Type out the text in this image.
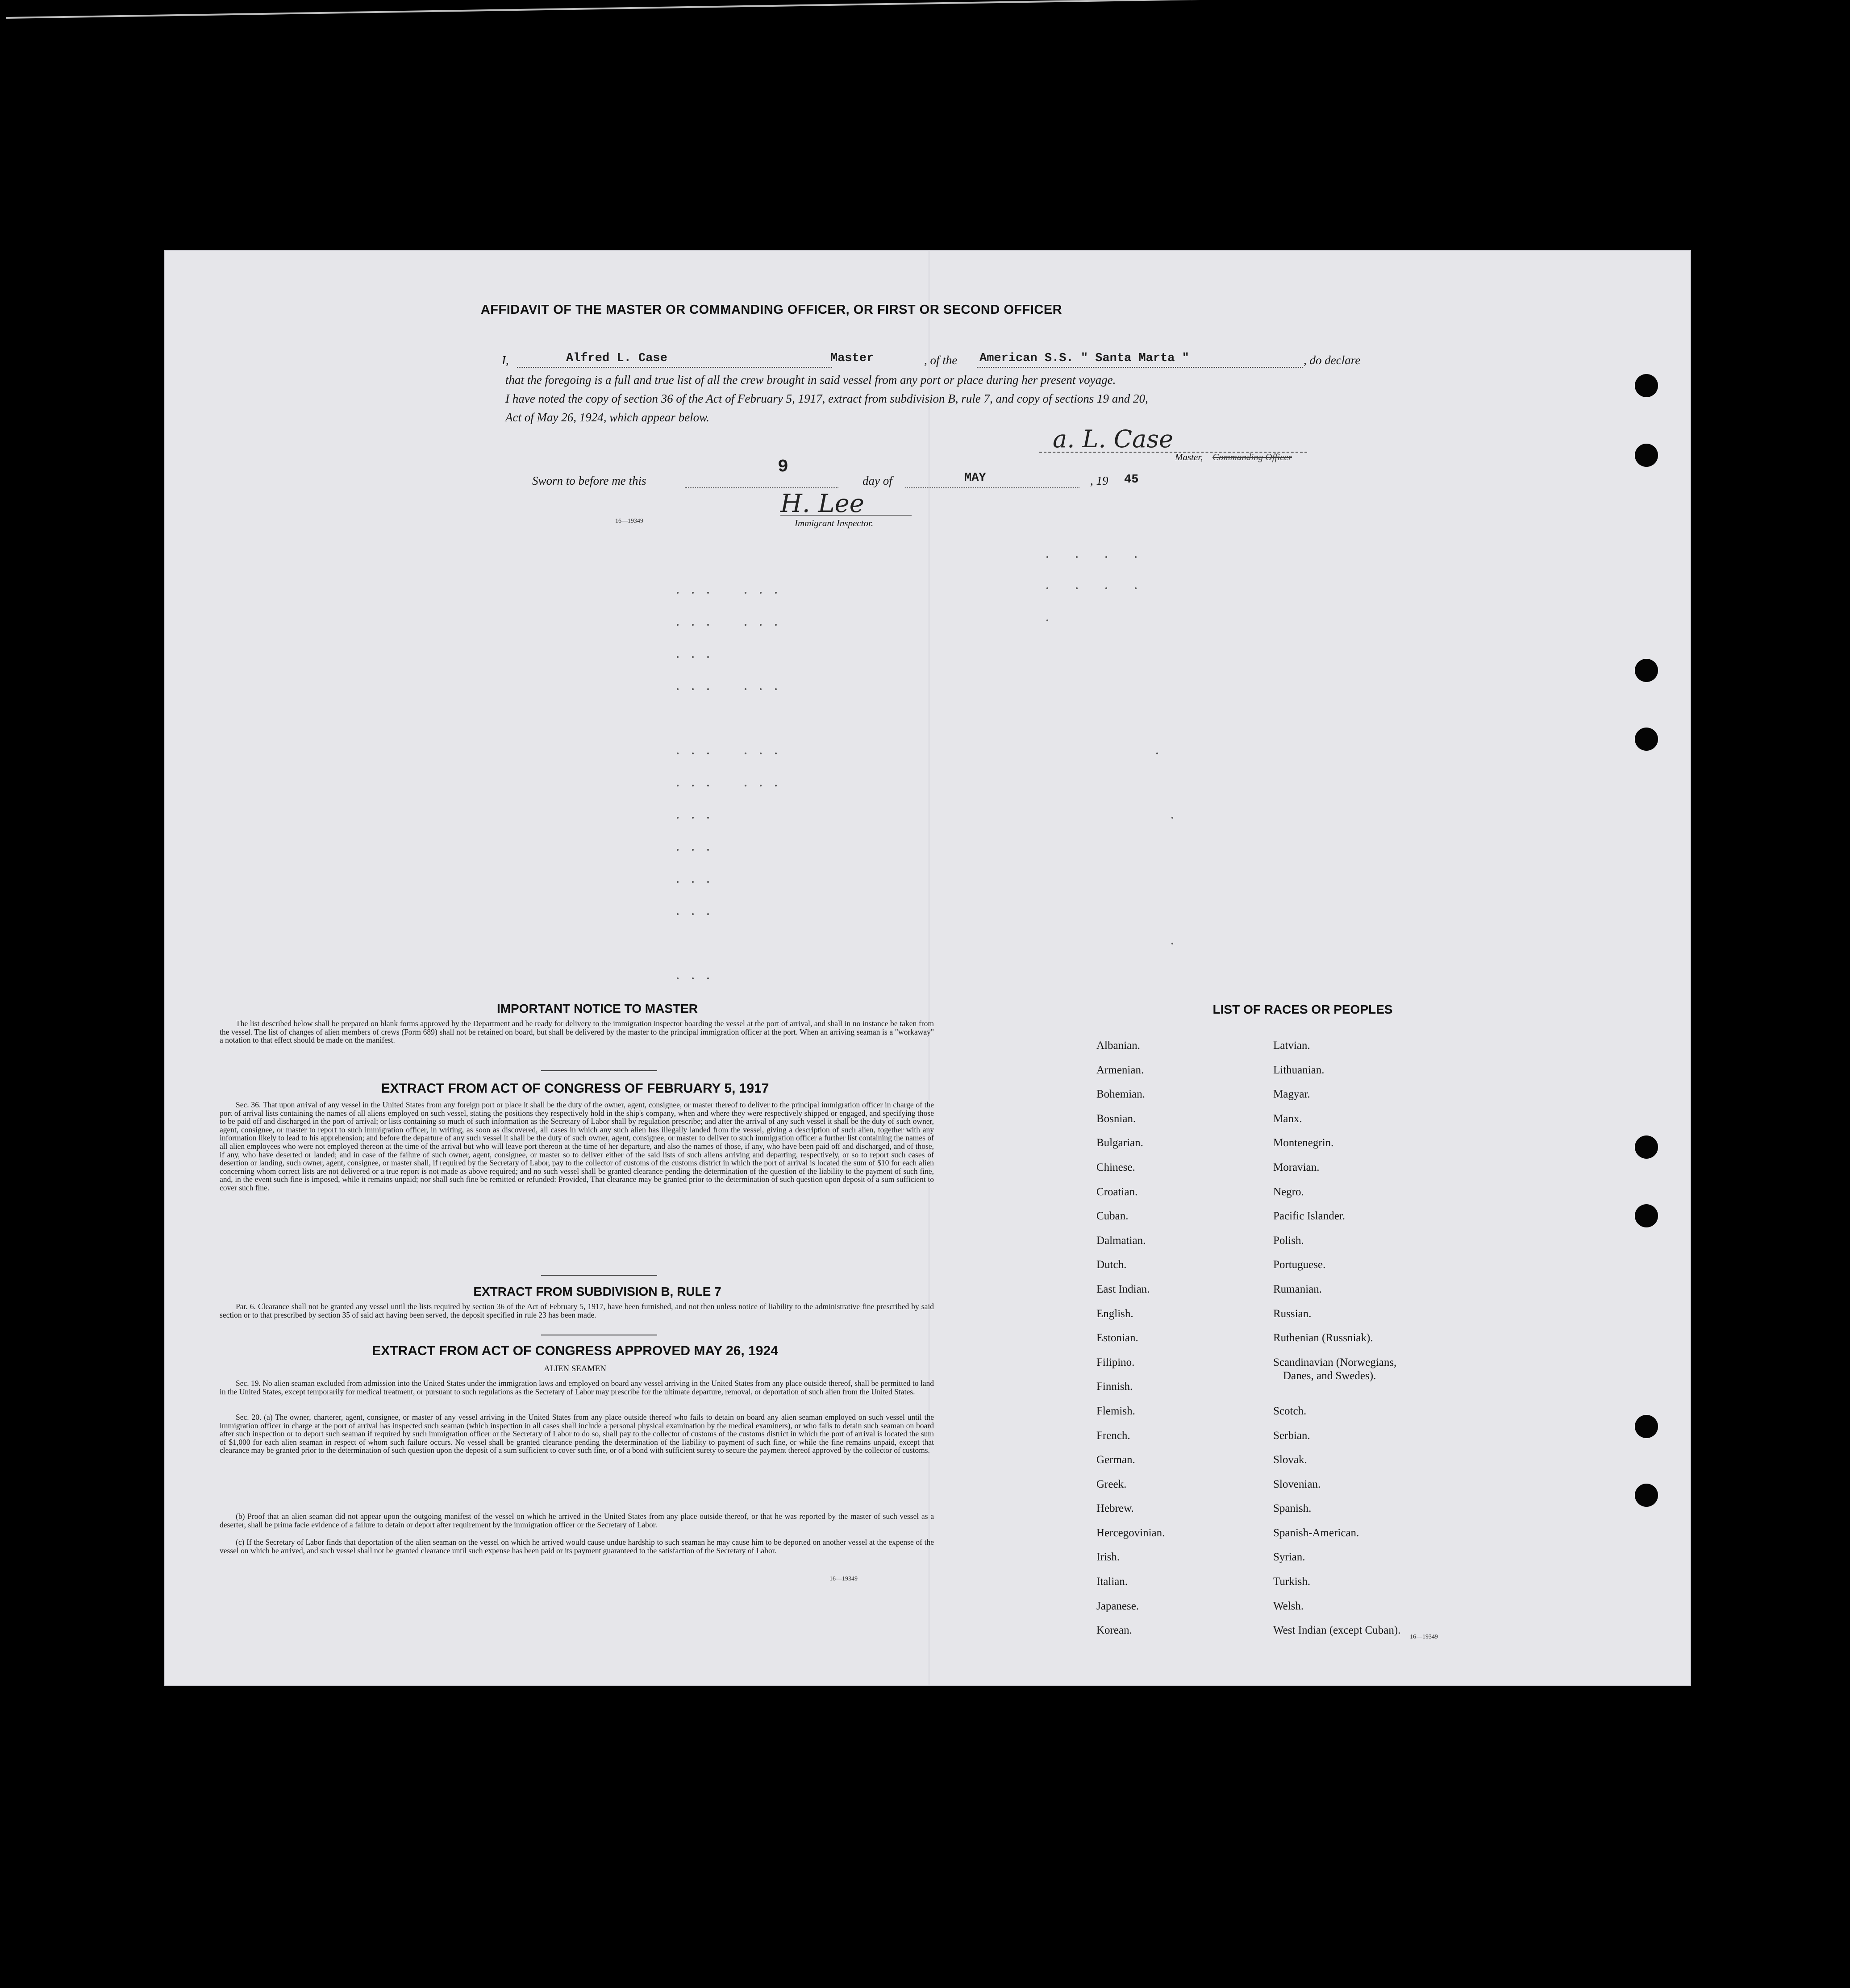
AFFIDAVIT OF THE MASTER OR COMMANDING OFFICER, OR FIRST OR SECOND OFFICER
I,	Alfred L. Case	Master	, of the American S.S. " Santa Marta "	, do declare
that the foregoing is a full and true list of all the crew brought in said vessel from any port or place during her present voyage.
I have noted the copy of section 36 of the Act of February 5, 1917, extract from subdivision B, rule 7, and copy of sections 19 and 20,
Act of May 26, 1924, which appear below.
a. L. Case
Master, Commanding Officer
Sworn to before me this
9
day of	MAY	, 19 45
H. Lee
16—19349	Immigrant Inspector.
IMPORTANT NOTICE TO MASTER
The list described below shall be prepared on blank forms approved by the Department and be ready for delivery to the immigration inspector boarding the vessel at the port of arrival, and shall in no instance be taken from the vessel. The list of changes of alien members of crews (Form 689) shall not be retained on board, but shall be delivered by the master to the principal immigration officer at the port. When an arriving seaman is a "workaway" a notation to that effect should be made on the manifest.
EXTRACT FROM ACT OF CONGRESS OF FEBRUARY 5, 1917
Sec. 36. That upon arrival of any vessel in the United States from any foreign port or place it shall be the duty of the owner, agent, consignee, or master thereof to deliver to the principal immigration officer in charge of the port of arrival lists containing the names of all aliens employed on such vessel, stating the positions they respectively hold in the ship's company, when and where they were respectively shipped or engaged, and specifying those to be paid off and discharged in the port of arrival; or lists containing so much of such information as the Secretary of Labor shall by regulation prescribe; and after the arrival of any such vessel it shall be the duty of such owner, agent, consignee, or master to report to such immigration officer, in writing, as soon as discovered, all cases in which any such alien has illegally landed from the vessel, giving a description of such alien, together with any information likely to lead to his apprehension; and before the departure of any such vessel it shall be the duty of such owner, agent, consignee, or master to deliver to such immigration officer a further list containing the names of all alien employees who were not employed thereon at the time of the arrival but who will leave port thereon at the time of her departure, and also the names of those, if any, who have been paid off and discharged, and of those, if any, who have deserted or landed; and in case of the failure of such owner, agent, consignee, or master so to deliver either of the said lists of such aliens arriving and departing, respectively, or so to report such cases of desertion or landing, such owner, agent, consignee, or master shall, if required by the Secretary of Labor, pay to the collector of customs of the customs district in which the port of arrival is located the sum of $10 for each alien concerning whom correct lists are not delivered or a true report is not made as above required; and no such vessel shall be granted clearance pending the determination of the question of the liability to the payment of such fine, and, in the event such fine is imposed, while it remains unpaid; nor shall such fine be remitted or refunded: Provided, That clearance may be granted prior to the determination of such question upon deposit of a sum sufficient to cover such fine.
EXTRACT FROM SUBDIVISION B, RULE 7
Par. 6. Clearance shall not be granted any vessel until the lists required by section 36 of the Act of February 5, 1917, have been furnished, and not then unless notice of liability to the administrative fine prescribed by said section or to that prescribed by section 35 of said act having been served, the deposit specified in rule 23 has been made.
EXTRACT FROM ACT OF CONGRESS APPROVED MAY 26, 1924
ALIEN SEAMEN
Sec. 19. No alien seaman excluded from admission into the United States under the immigration laws and employed on board any vessel arriving in the United States from any place outside thereof, shall be permitted to land in the United States, except temporarily for medical treatment, or pursuant to such regulations as the Secretary of Labor may prescribe for the ultimate departure, removal, or deportation of such alien from the United States.
Sec. 20. (a) The owner, charterer, agent, consignee, or master of any vessel arriving in the United States from any place outside thereof who fails to detain on board any alien seaman employed on such vessel until the immigration officer in charge at the port of arrival has inspected such seaman (which inspection in all cases shall include a personal physical examination by the medical examiners), or who fails to detain such seaman on board after such inspection or to deport such seaman if required by such immigration officer or the Secretary of Labor to do so, shall pay to the collector of customs of the customs district in which the port of arrival is located the sum of $1,000 for each alien seaman in respect of whom such failure occurs. No vessel shall be granted clearance pending the determination of the liability to payment of such fine, or while the fine remains unpaid, except that clearance may be granted prior to the determination of such question upon the deposit of a sum sufficient to cover such fine, or of a bond with sufficient surety to secure the payment thereof approved by the collector of customs.
(b) Proof that an alien seaman did not appear upon the outgoing manifest of the vessel on which he arrived in the United States from any place outside thereof, or that he was reported by the master of such vessel as a deserter, shall be prima facie evidence of a failure to detain or deport after requirement by the immigration officer or the Secretary of Labor.
(c) If the Secretary of Labor finds that deportation of the alien seaman on the vessel on which he arrived would cause undue hardship to such seaman he may cause him to be deported on another vessel at the expense of the vessel on which he arrived, and such vessel shall not be granted clearance until such expense has been paid or its payment guaranteed to the satisfaction of the Secretary of Labor.
16—19349
LIST OF RACES OR PEOPLES
Albanian.
Armenian.
Bohemian.
Bosnian.
Bulgarian.
Chinese.
Croatian.
Cuban.
Dalmatian.
Dutch.
East Indian.
English.
Estonian.
Filipino.
Finnish.
Flemish.
French.
German.
Greek.
Hebrew.
Hercegovinian.
Irish.
Italian.
Japanese.
Korean.
Latvian.
Lithuanian.
Magyar.
Manx.
Montenegrin.
Moravian.
Negro.
Pacific Islander.
Polish.
Portuguese.
Rumanian.
Russian.
Ruthenian (Russniak).
Scandinavian (Norwegians,
Danes, and Swedes).
Scotch.
Serbian.
Slovak.
Slovenian.
Spanish.
Spanish-American.
Syrian.
Turkish.
Welsh.
West Indian (except Cuban).
16—19349
